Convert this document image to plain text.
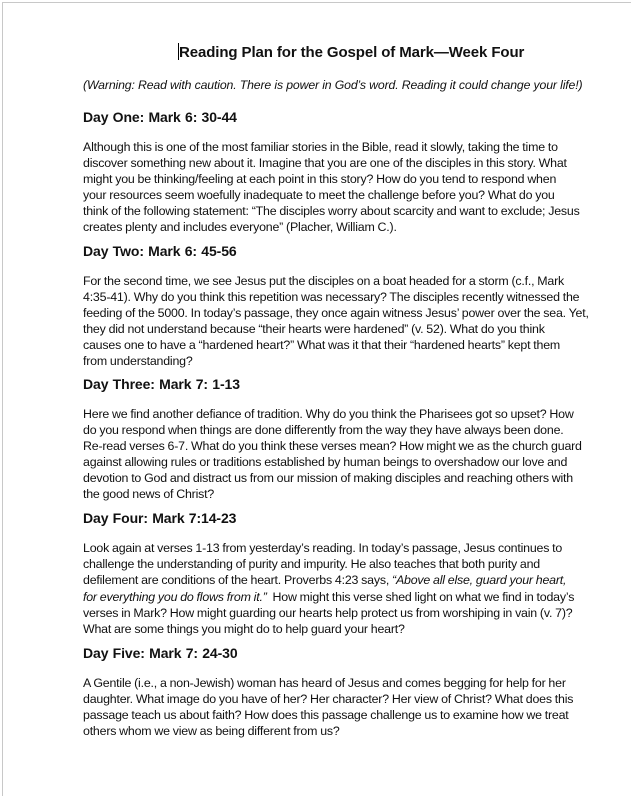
Reading Plan for the Gospel of Mark—Week Four
(Warning: Read with caution. There is power in God’s word. Reading it could change your life!)
Day One: Mark 6: 30-44
Although this is one of the most familiar stories in the Bible, read it slowly, taking the time to
discover something new about it. Imagine that you are one of the disciples in this story. What
might you be thinking/feeling at each point in this story? How do you tend to respond when
your resources seem woefully inadequate to meet the challenge before you? What do you
think of the following statement: “The disciples worry about scarcity and want to exclude; Jesus
creates plenty and includes everyone” (Placher, William C.).
Day Two: Mark 6: 45-56
For the second time, we see Jesus put the disciples on a boat headed for a storm (c.f., Mark
4:35-41). Why do you think this repetition was necessary? The disciples recently witnessed the
feeding of the 5000. In today’s passage, they once again witness Jesus’ power over the sea. Yet,
they did not understand because “their hearts were hardened” (v. 52). What do you think
causes one to have a “hardened heart?” What was it that their “hardened hearts” kept them
from understanding?
Day Three: Mark 7: 1-13
Here we find another defiance of tradition. Why do you think the Pharisees got so upset? How
do you respond when things are done differently from the way they have always been done.
Re-read verses 6-7. What do you think these verses mean? How might we as the church guard
against allowing rules or traditions established by human beings to overshadow our love and
devotion to God and distract us from our mission of making disciples and reaching others with
the good news of Christ?
Day Four: Mark 7:14-23
Look again at verses 1-13 from yesterday’s reading. In today’s passage, Jesus continues to
challenge the understanding of purity and impurity. He also teaches that both purity and
defilement are conditions of the heart. Proverbs 4:23 says, “Above all else, guard your heart,
for everything you do flows from it.”  How might this verse shed light on what we find in today’s
verses in Mark? How might guarding our hearts help protect us from worshiping in vain (v. 7)?
What are some things you might do to help guard your heart?
Day Five: Mark 7: 24-30
A Gentile (i.e., a non-Jewish) woman has heard of Jesus and comes begging for help for her
daughter. What image do you have of her? Her character? Her view of Christ? What does this
passage teach us about faith? How does this passage challenge us to examine how we treat
others whom we view as being different from us?
